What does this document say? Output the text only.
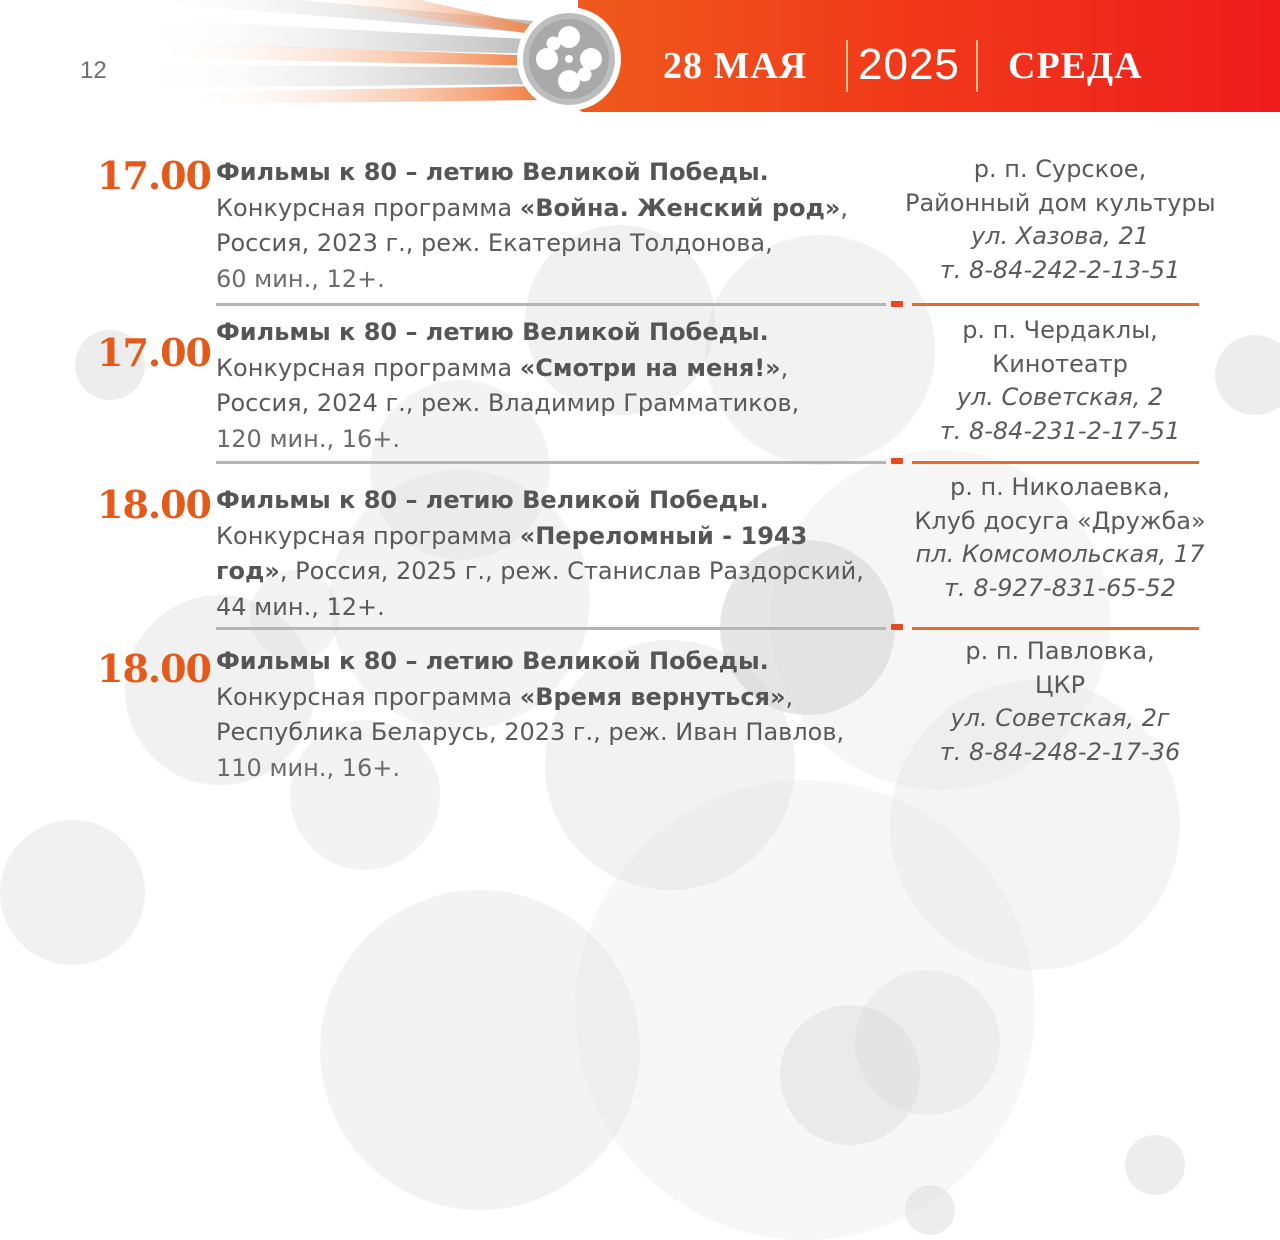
12	28 МАЯ 2025 СРЕДА
17.00 Фильмы к 80 – летию Великой Победы.
Конкурсная программа «Война. Женский род»,
Россия, 2023 г., реж. Екатерина Толдонова,
60 мин., 12+.
р. п. Сурское,
Районный дом культуры
ул. Хазова, 21
т. 8-84-242-2-13-51
17.00 Фильмы к 80 – летию Великой Победы.
Конкурсная программа «Смотри на меня!»,
Россия, 2024 г., реж. Владимир Грамматиков,
120 мин., 16+.
р. п. Чердаклы,
Кинотеатр
ул. Советская, 2
т. 8-84-231-2-17-51
18.00 Фильмы к 80 – летию Великой Победы. Конкурсная программа «Переломный - 1943 год», Россия, 2025 г., реж. Станислав Раздорский, 44 мин., 12+.
р. п. Николаевка,
Клуб досуга «Дружба»
пл. Комсомольская, 17
т. 8-927-831-65-52
18.00 Фильмы к 80 – летию Великой Победы.
Конкурсная программа «Время вернуться»,
Республика Беларусь, 2023 г., реж. Иван Павлов,
110 мин., 16+.
р. п. Павловка,
ЦКР
ул. Советская, 2г
т. 8-84-248-2-17-36
